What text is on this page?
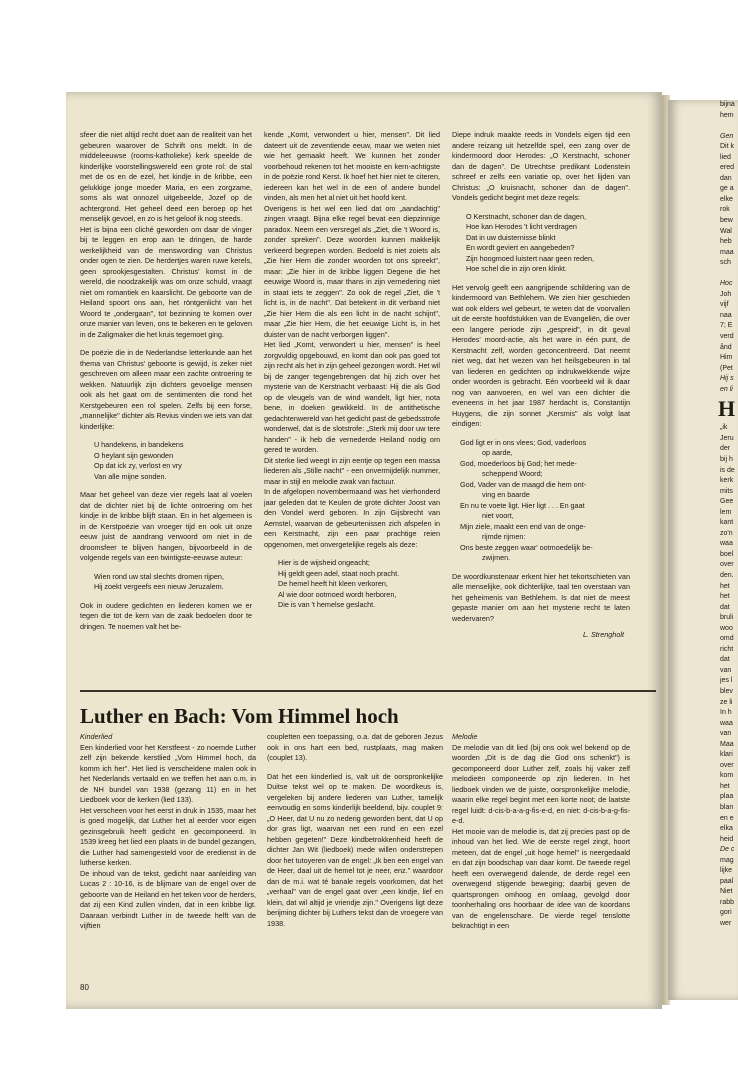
bijna
hem
Gen
Dit k
lied
ered
dan
ge a
elke
rok
bew
Wal
heb
maa
sch
Hoc
Joh
vijf
naa
7; E
verd
ånd
Him
(Pet
Hij s
en li
H
„ik
Jeru
der
bij h
is de
kerk
mits
Gee
lem
kant
zo'n
waa
boel
over
den.
het
het
dat
bruli
woo
omd
richt
dat
van
jes l
blev
ze li
In h
waa
van
Maa
klari
over
kom
het
plaa
blan
en e
elka
heid
De c
mag
lijke
paal
Niet
rabb
gori
wer

sfeer die niet altijd recht doet aan de realiteit van het gebeuren waarover de Schrift ons meldt. In de middeleeuwse (rooms-katholieke) kerk speelde de kinderlijke voorstellingswereld een grote rol: de stal met de os en de ezel, het kindje in de kribbe, een gelukkige jonge moeder Maria, en een zorgzame, soms als wat onnozel uitgebeelde, Jozef op de achtergrond. Het geheel deed een beroep op het menselijk gevoel, en zo is het geloof ik nog steeds.

Het is bijna een cliché geworden om daar de vinger bij te leggen en erop aan te dringen, de harde werkelijkheid van de menswording van Christus onder ogen te zien. De herdertjes waren ruwe kerels, geen sprookjesgestalten. Christus' komst in de wereld, die noodzakelijk was om onze schuld, vraagt niet om romantiek en kaarslicht. De geboorte van de Heiland spoort ons aan, het röntgenlicht van het Woord te „ondergaan", tot bezinning te komen over onze manier van leven, ons te bekeren en te geloven in de Zaligmaker die het kruis tegemoet ging.

De poëzie die in de Nederlandse letterkunde aan het thema van Christus' geboorte is gewijd, is zeker niet geschreven om alleen maar een zachte ontroering te wekken. Natuurlijk zijn dichters gevoelige mensen ook als het gaat om de sentimenten die rond het Kerstgebeuren een rol spelen. Zelfs bij een forse, „mannelijke" dichter als Revius vinden we iets van dat kinderlijke:

U handekens, in bandekens
O heylant sijn gewonden
Op dat ick zy, verlost en vry
Van alle mijne sonden.

Maar het geheel van deze vier regels laat al voelen dat de dichter niet bij de lichte ontroering om het kindje in de kribbe blijft staan. En in het algemeen is in de Kerstpoëzie van vroeger tijd en ook uit onze eeuw juist de aandrang verwoord om niet in de droomsfeer te blijven hangen, bijvoorbeeld in de volgende regels van een twintigste-eeuwse auteur:

Wien rond uw stal slechts dromen rijpen,
Hij zoekt vergeefs een nieuw Jeruzalem.

Ook in oudere gedichten en liederen komen we er tegen die tot de kern van de zaak bedoelen door te dringen. Te noemen valt het be-

kende „Komt, verwondert u hier, mensen". Dit lied dateert uit de zeventiende eeuw, maar we weten niet wie het gemaakt heeft. We kunnen het zonder voorbehoud rekenen tot het mooiste en kern-achtigste in de poëzie rond Kerst. Ik hoef het hier niet te citeren, iedereen kan het wel in de een of andere bundel vinden, als men het al niet uit het hoofd kent.

Overigens is het wel een lied dat om „aandachtig" zingen vraagt. Bijna elke regel bevat een diepzinnige paradox. Neem een versregel als „Ziet, die 't Woord is, zonder spreken". Deze woorden kunnen makkelijk verkeerd begrepen worden. Bedoeld is niet zoiets als „Zie hier Hem die zonder woorden tot ons spreekt", maar: „Zie hier in de kribbe liggen Degene die het eeuwige Woord is, maar thans in zijn vernedering niet in staat iets te zeggen". Zo ook de regel „Ziet, die 't licht is, in de nacht". Dat betekent in dit verband niet „Zie hier Hem die als een licht in de nacht schijnt", maar „Zie hier Hem, die het eeuwige Licht is, in het duister van de nacht verborgen liggen".

Het lied „Komt, verwondert u hier, mensen" is heel zorgvuldig opgebouwd, en komt dan ook pas goed tot zijn recht als het in zijn geheel gezongen wordt. Het wil bij de zanger tegengebrengen dat hij zich over het mysterie van de Kerstnacht verbaast: Hij die als God op de vleugels van de wind wandelt, ligt hier, nota bene, in doeken gewikkeld. In de antithetische gedachtenwereld van het gedicht past de gebedsstrofe wonderwel, dat is de slotstrofe: „Sterk mij door uw tere handen" - ik heb die vernederde Heiland nodig om gered te worden.

Dit sterke lied weegt in zijn eentje op tegen een massa liederen als „Stille nacht" - een onvermijdelijk nummer, maar in stijl en melodie zwak van factuur.

In de afgelopen novembermaand was het vierhonderd jaar geleden dat te Keulen de grote dichter Joost van den Vondel werd geboren. In zijn Gijsbrecht van Aemstel, waarvan de gebeurtenissen zich afspelen in een Kerstnacht, zijn een paar prachtige reien opgenomen, met onvergetelijke regels als deze:

Hier is de wijsheid ongeacht;
Hij geldt geen adel, staat noch pracht.
De hemel heeft hit kleen verkoren,
Al wie door ootmoed wordt herboren,
Die is van 't hemelse geslacht.

Diepe indruk maakte reeds in Vondels eigen tijd een andere reizang uit hetzelfde spel, een zang over de kindermoord door Herodes: „O Kerstnacht, schoner dan de dagen". De Utrechtse predikant Lodenstein schreef er zelfs een variatie op, over het lijden van Christus: „O kruisnacht, schoner dan de dagen". Vondels gedicht begint met deze regels:

O Kerstnacht, schoner dan de dagen,
Hoe kan Herodes 't licht verdragen
Dat in uw duisternisse blinkt
En wordt geviert en aangebeden?
Zijn hoogmoed luistert naar geen reden,
Hoe schel die in zijn oren klinkt.

Het vervolg geeft een aangrijpende schildering van de kindermoord van Bethlehem. We zien hier geschieden wat ook elders wel gebeurt, te weten dat de voorvallen uit de eerste hoofdstukken van de Evangeliën, die over een langere periode zijn „gespreid", in dit geval Herodes' moord-actie, als het ware in één punt, de Kerstnacht zelf, worden geconcentreerd. Dat neemt niet weg, dat het wezen van het heilsgebeuren in tal van liederen en gedichten op indrukwekkende wijze onder woorden is gebracht. Eén voorbeeld wil ik daar nog van aanvoeren, en wel van een dichter die eveneens in het jaar 1987 herdacht is, Constantijn Huygens, die zijn sonnet „Kersmis" als volgt laat eindigen:

God ligt er in ons vlees; God, vaderloos
op aarde,
God, moederloos bij God; het mede-
scheppend Woord;
God, Vader van de maagd die hem ont-
ving en baarde
En nu te voete ligt. Hier ligt . . . En gaat
niet voort,
Mijn ziele, maakt een end van de onge-
rijmde rijmen:
Ons beste zeggen waar' ootmoedelijk be-
zwijmen.

De woordkunstenaar erkent hier het tekortschieten van alle menselijke, ook dichterlijke, taal ten overstaan van het geheimenis van Bethlehem. Is dat niet de meest gepaste manier om aan het mysterie recht te laten wedervaren?

L. Strengholt
Luther en Bach: Vom Himmel hoch

Kinderlied

Een kinderlied voor het Kerstfeest - zo noemde Luther zelf zijn bekende kerstlied „Vom Himmel hoch, da komm ich her". Het lied is verscheidene malen ook in het Nederlands vertaald en we treffen het aan o.m. in de NH bundel van 1938 (gezang 11) en in het Liedboek voor de kerken (lied 133).

Het verscheen voor het eerst in druk in 1535, maar het is goed mogelijk, dat Luther het al eerder voor eigen gezinsgebruik heeft gedicht en gecomponeerd. In 1539 kreeg het lied een plaats in de bundel gezangen, die Luther had samengesteld voor de eredienst in de lutherse kerken.

De inhoud van de tekst, gedicht naar aanleiding van Lucas 2 : 10-16, is de blijmare van de engel over de geboorte van de Heiland en het teken voor de herders, dat zij een Kind zullen vinden, dat in een kribbe ligt. Daaraan verbindt Luther in de tweede helft van de vijftien

coupletten een toepassing, o.a. dat de geboren Jezus ook in ons hart een bed, rustplaats, mag maken (couplet 13).

Dat het een kinderlied is, valt uit de oorspronkelijke Duitse tekst wel op te maken. De woordkeus is, vergeleken bij andere liederen van Luther, tamelijk eenvoudig en soms kinderlijk beeldend, bijv. couplet 9: „O Heer, dat U nu zo nederig geworden bent, dat U op dor gras ligt, waarvan net een rund en een ezel hebben gegeten!" Deze kindbetrokkenheid heeft de dichter Jan Wit (liedboek) mede willen onderstrepen door het tutoyeren van de engel: „Ik ben een engel van de Heer, daal uit de hemel tot je neer, enz." waardoor dan de m.i. wat té banale regels voorkomen, dat het „verhaal" van de engel gaat over „een kindje, lief en klein, dat wil altijd je vriendje zijn." Overigens ligt deze berijming dichter bij Luthers tekst dan de vroegere van 1938.

Melodie

De melodie van dit lied (bij ons ook wel bekend op de woorden „Dit is de dag die God ons schenkt") is gecomponeerd door Luther zelf, zoals hij vaker zelf melodieën componeerde op zijn liederen. In het liedboek vinden we de juiste, oorspronkelijke melodie, waarin elke regel begint met een korte noot; de laatste regel luidt: d-cis-b-a-a-g-fis-e-d, en niet: d-cis-b-a-g-fis-e-d.

Het mooie van de melodie is, dat zij precies past op de inhoud van het lied. Wie de eerste regel zingt, hoort meteen, dat de engel „uit hoge hemel" is neergedaald en dat zijn boodschap van daar komt. De tweede regel heeft een overwegend dalende, de derde regel een overwegend stijgende beweging; daarbij geven de quartsprongen omhoog en omlaag, gevolgd door toonherhaling ons hoorbaar de idee van de koordans van de engelenschare. De vierde regel tenslotte bekrachtigt in een

80
